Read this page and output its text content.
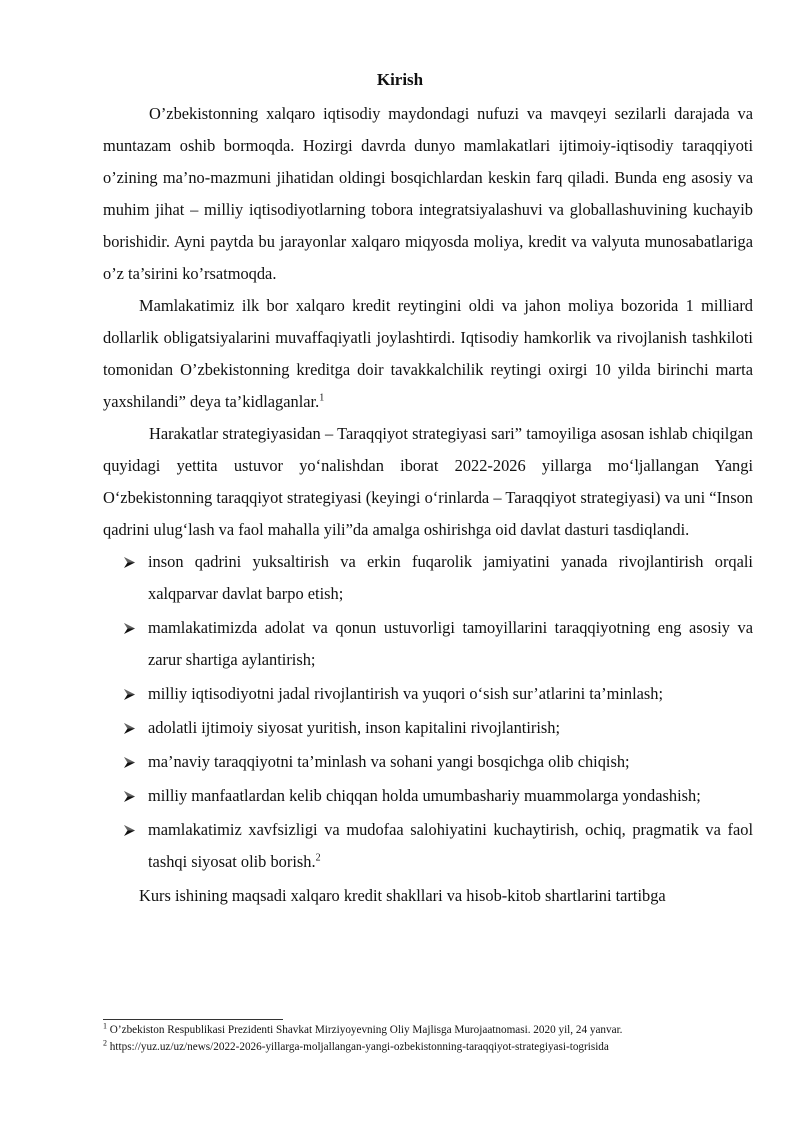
Kirish

O’zbekistonning xalqaro iqtisodiy maydondagi nufuzi va mavqeyi sezilarli darajada va muntazam oshib bormoqda. Hozirgi davrda dunyo mamlakatlari ijtimoiy-iqtisodiy taraqqiyoti o’zining ma’no-mazmuni jihatidan oldingi bosqichlardan keskin farq qiladi. Bunda eng asosiy va muhim jihat – milliy iqtisodiyotlarning tobora integratsiyalashuvi va globallashuvining kuchayib borishidir. Ayni paytda bu jarayonlar xalqaro miqyosda moliya, kredit va valyuta munosabatlariga o’z ta’sirini ko’rsatmoqda.

Mamlakatimiz ilk bor xalqaro kredit reytingini oldi va jahon moliya bozorida 1 milliard dollarlik obligatsiyalarini muvaffaqiyatli joylashtirdi. Iqtisodiy hamkorlik va rivojlanish tashkiloti tomonidan O’zbekistonning kreditga doir tavakkalchilik reytingi oxirgi 10 yilda birinchi marta yaxshilandi” deya ta’kidlaganlar.$^1$

Harakatlar strategiyasidan – Taraqqiyot strategiyasi sari” tamoyiliga asosan ishlab chiqilgan quyidagi yettita ustuvor yo‘nalishdan iborat 2022-2026 yillarga mo‘ljallangan Yangi O‘zbekistonning taraqqiyot strategiyasi (keyingi o‘rinlarda – Taraqqiyot strategiyasi) va uni “Inson qadrini ulug‘lash va faol mahalla yili”da amalga oshirishga oid davlat dasturi tasdiqlandi.

inson qadrini yuksaltirish va erkin fuqarolik jamiyatini yanada rivojlantirish orqali xalqparvar davlat barpo etish;
mamlakatimizda adolat va qonun ustuvorligi tamoyillarini taraqqiyotning eng asosiy va zarur shartiga aylantirish;
milliy iqtisodiyotni jadal rivojlantirish va yuqori o‘sish sur’atlarini ta’minlash;
adolatli ijtimoiy siyosat yuritish, inson kapitalini rivojlantirish;
ma’naviy taraqqiyotni ta’minlash va sohani yangi bosqichga olib chiqish;
milliy manfaatlardan kelib chiqqan holda umumbashariy muammolarga yondashish;
mamlakatimiz xavfsizligi va mudofaa salohiyatini kuchaytirish, ochiq, pragmatik va faol tashqi siyosat olib borish.$^2$

Kurs ishining maqsadi xalqaro kredit shakllari va hisob-kitob shartlarini tartibga

$^1$ O’zbekiston Respublikasi Prezidenti Shavkat Mirziyoyevning Oliy Majlisga Murojaatnomasi. 2020 yil, 24 yanvar.

$^2$ https://yuz.uz/uz/news/2022-2026-yillarga-moljallangan-yangi-ozbekistonning-taraqqiyot-strategiyasi-togrisida
